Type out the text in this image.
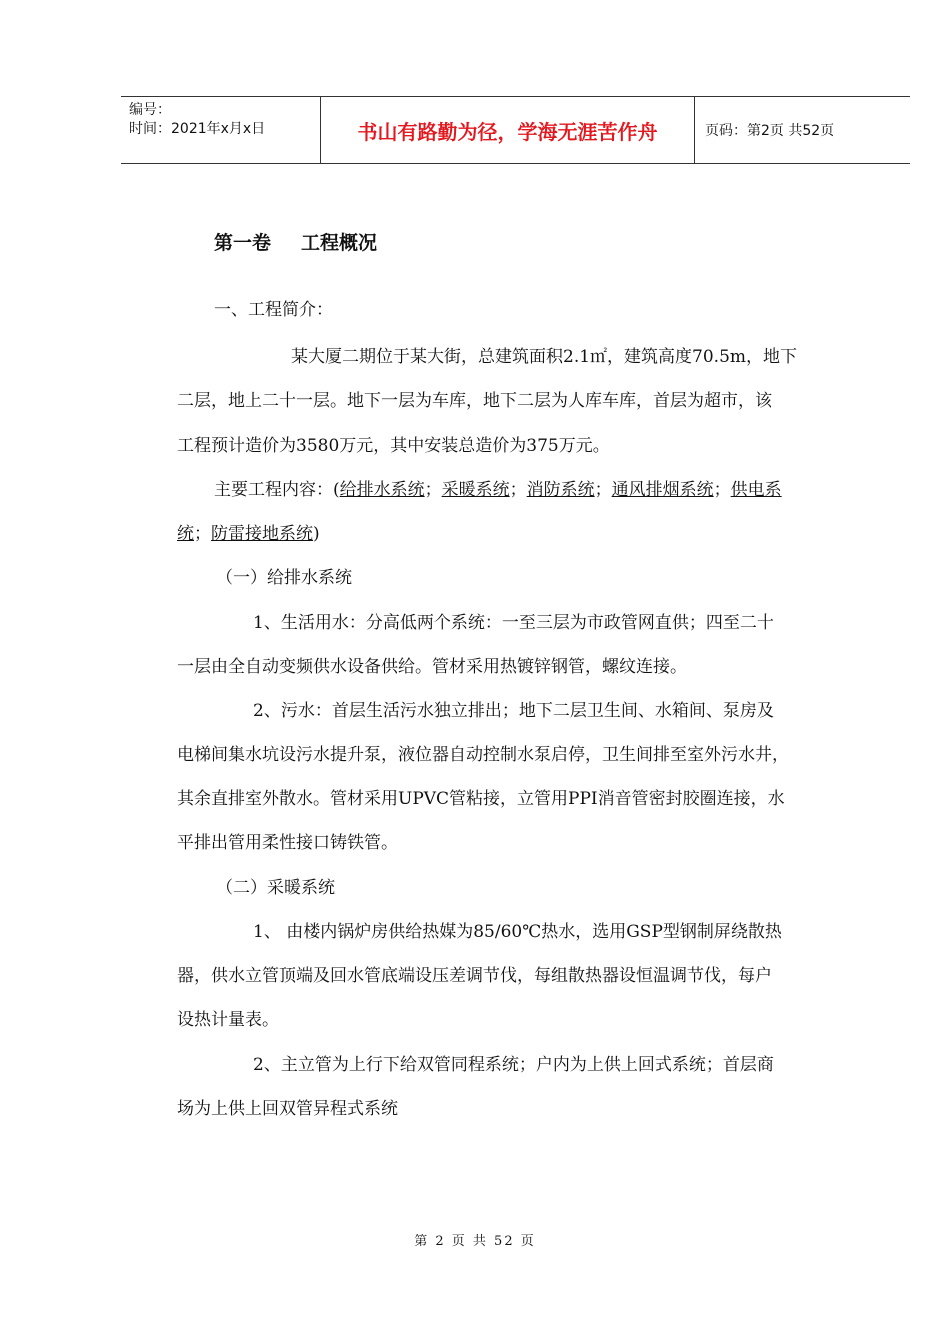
编号：
时间：2021年x月x日	书山有路勤为径，学海无涯苦作舟	页码：第2页 共52页
第一卷 工程概况
一、工程简介：
某大厦二期位于某大街，总建筑面积2.1㎡，建筑高度70.5m，地下
二层，地上二十一层。地下一层为车库，地下二层为人库车库，首层为超市，该
工程预计造价为3580万元，其中安装总造价为375万元。
主要工程内容：(给排水系统；采暖系统；消防系统；通风排烟系统；供电系
统；防雷接地系统)
（一）给排水系统
1、生活用水：分高低两个系统：一至三层为市政管网直供；四至二十
一层由全自动变频供水设备供给。管材采用热镀锌钢管，螺纹连接。
2、污水：首层生活污水独立排出；地下二层卫生间、水箱间、泵房及
电梯间集水坑设污水提升泵，液位器自动控制水泵启停，卫生间排至室外污水井，
其余直排室外散水。管材采用UPVC管粘接，立管用PPI消音管密封胶圈连接，水
平排出管用柔性接口铸铁管。
（二）采暖系统
1、 由楼内锅炉房供给热媒为85/60℃热水，选用GSP型钢制屏绕散热
器，供水立管顶端及回水管底端设压差调节伐，每组散热器设恒温调节伐，每户
设热计量表。
2、主立管为上行下给双管同程系统；户内为上供上回式系统；首层商
场为上供上回双管异程式系统
第 2 页 共 52 页
